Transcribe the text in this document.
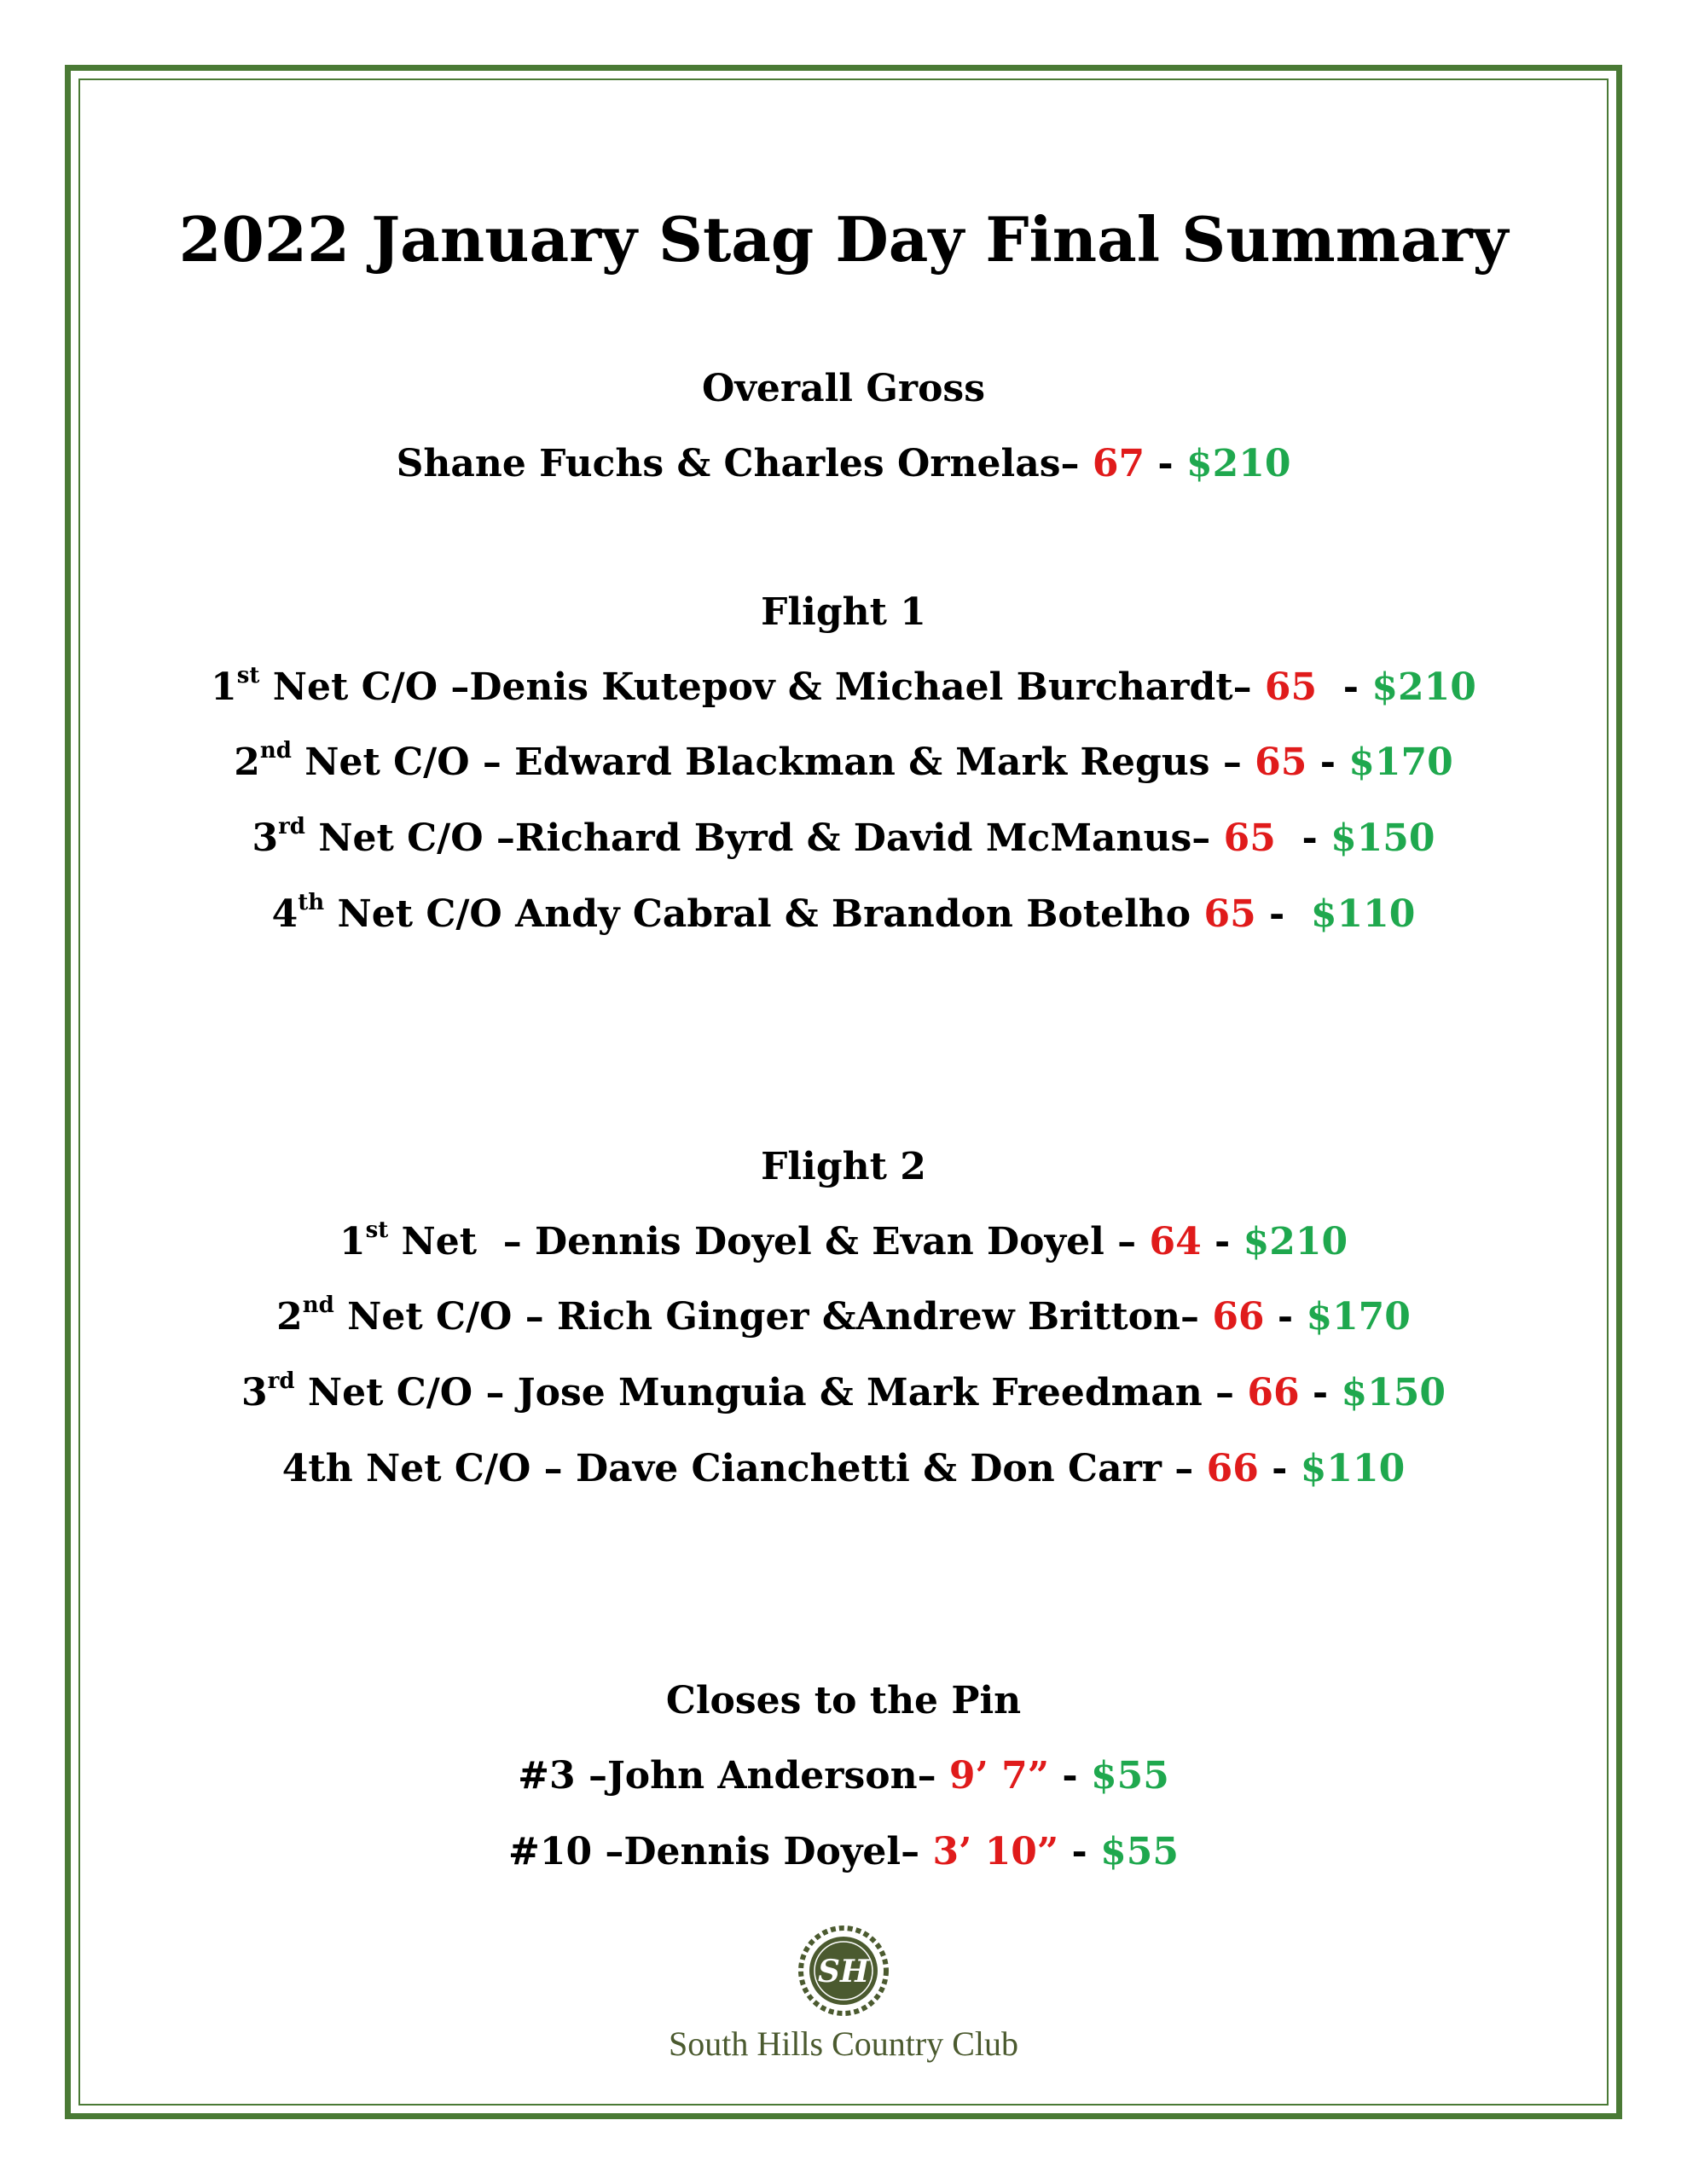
2022 January Stag Day Final Summary
Overall Gross
Shane Fuchs & Charles Ornelas– 67 - $210
Flight 1
1st Net C/O –Denis Kutepov & Michael Burchardt– 65  - $210
2nd Net C/O – Edward Blackman & Mark Regus – 65 - $170
3rd Net C/O –Richard Byrd & David McManus– 65  - $150
4th Net C/O Andy Cabral & Brandon Botelho 65 -  $110
Flight 2
1st Net  – Dennis Doyel & Evan Doyel – 64 - $210
2nd Net C/O – Rich Ginger &Andrew Britton– 66 - $170
3rd Net C/O – Jose Munguia & Mark Freedman – 66 - $150
4th Net C/O – Dave Cianchetti & Don Carr – 66 - $110
Closes to the Pin
#3 –John Anderson– 9’ 7” - $55
#10 –Dennis Doyel– 3’ 10” - $55
SH
South Hills Country Club
